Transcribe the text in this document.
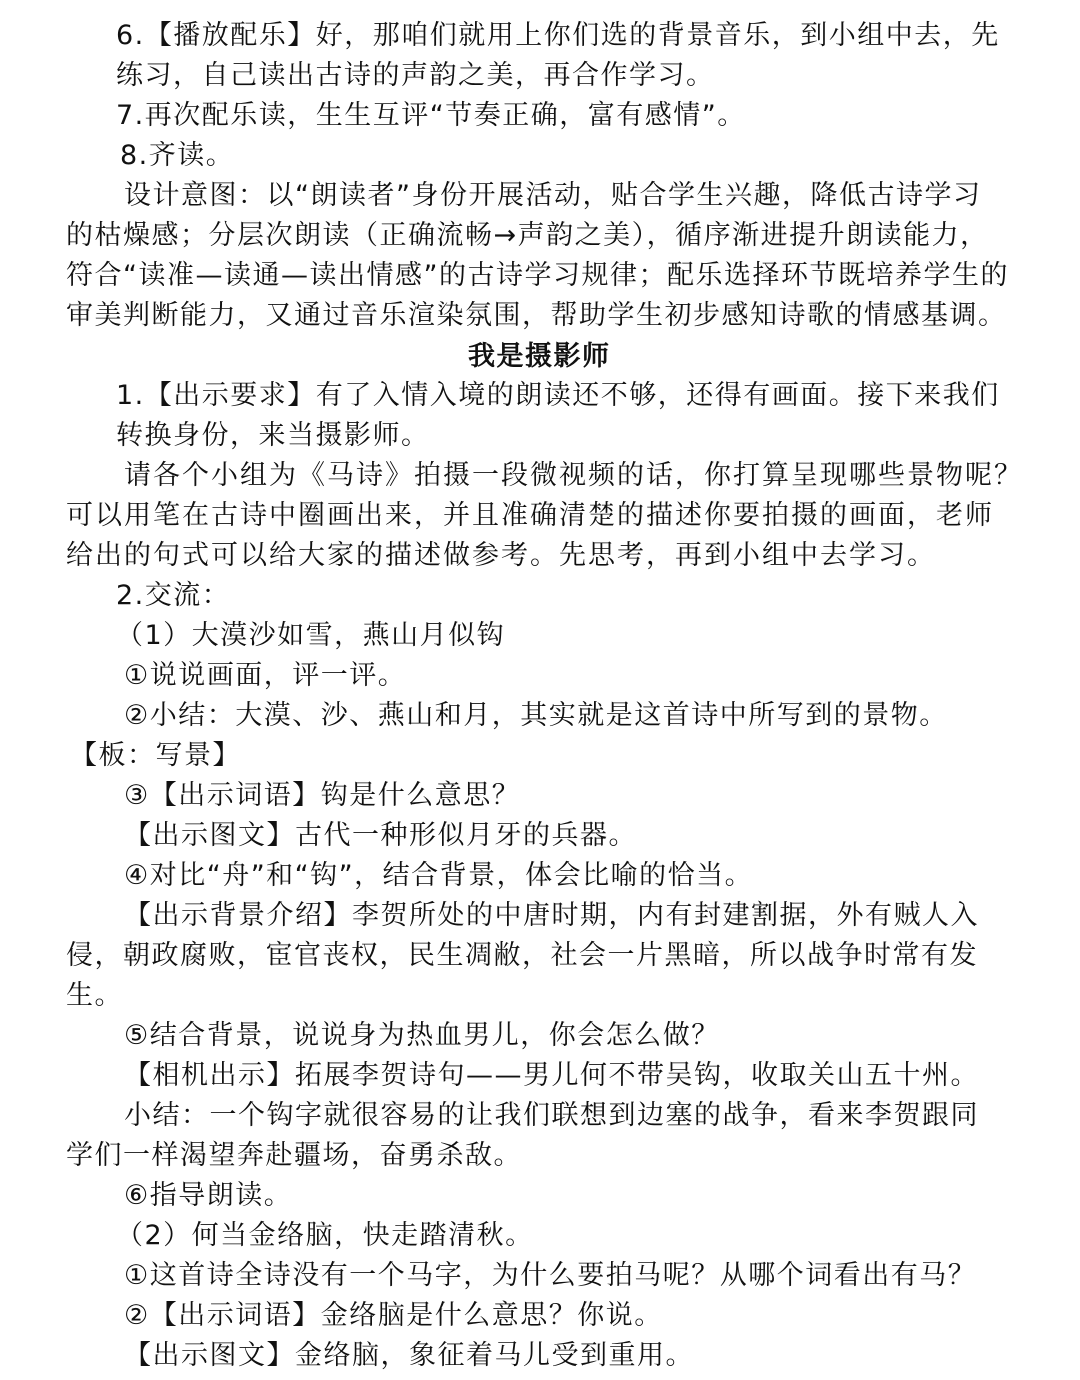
6.【播放配乐】好，那咱们就用上你们选的背景音乐，到小组中去，先
练习，自己读出古诗的声韵之美，再合作学习。
7.再次配乐读，生生互评“节奏正确，富有感情”。
8.齐读。
设计意图：以“朗读者”身份开展活动，贴合学生兴趣，降低古诗学习
的枯燥感；分层次朗读（正确流畅→声韵之美），循序渐进提升朗读能力，
符合“读准—读通—读出情感”的古诗学习规律；配乐选择环节既培养学生的
审美判断能力，又通过音乐渲染氛围，帮助学生初步感知诗歌的情感基调。
我是摄影师
1.【出示要求】有了入情入境的朗读还不够，还得有画面。接下来我们
转换身份，来当摄影师。
请各个小组为《马诗》拍摄一段微视频的话，你打算呈现哪些景物呢？
可以用笔在古诗中圈画出来，并且准确清楚的描述你要拍摄的画面，老师
给出的句式可以给大家的描述做参考。先思考，再到小组中去学习。
2.交流：
（1）大漠沙如雪，燕山月似钩
①说说画面，评一评。
②小结：大漠、沙、燕山和月，其实就是这首诗中所写到的景物。
【板：写景】
③【出示词语】钩是什么意思？
【出示图文】古代一种形似月牙的兵器。
④对比“舟”和“钩”，结合背景，体会比喻的恰当。
【出示背景介绍】李贺所处的中唐时期，内有封建割据，外有贼人入
侵，朝政腐败，宦官丧权，民生凋敝，社会一片黑暗，所以战争时常有发
生。
⑤结合背景，说说身为热血男儿，你会怎么做？
【相机出示】拓展李贺诗句——男儿何不带吴钩，收取关山五十州。
小结：一个钩字就很容易的让我们联想到边塞的战争，看来李贺跟同
学们一样渴望奔赴疆场，奋勇杀敌。
⑥指导朗读。
（2）何当金络脑，快走踏清秋。
①这首诗全诗没有一个马字，为什么要拍马呢？从哪个词看出有马？
②【出示词语】金络脑是什么意思？你说。
【出示图文】金络脑，象征着马儿受到重用。
